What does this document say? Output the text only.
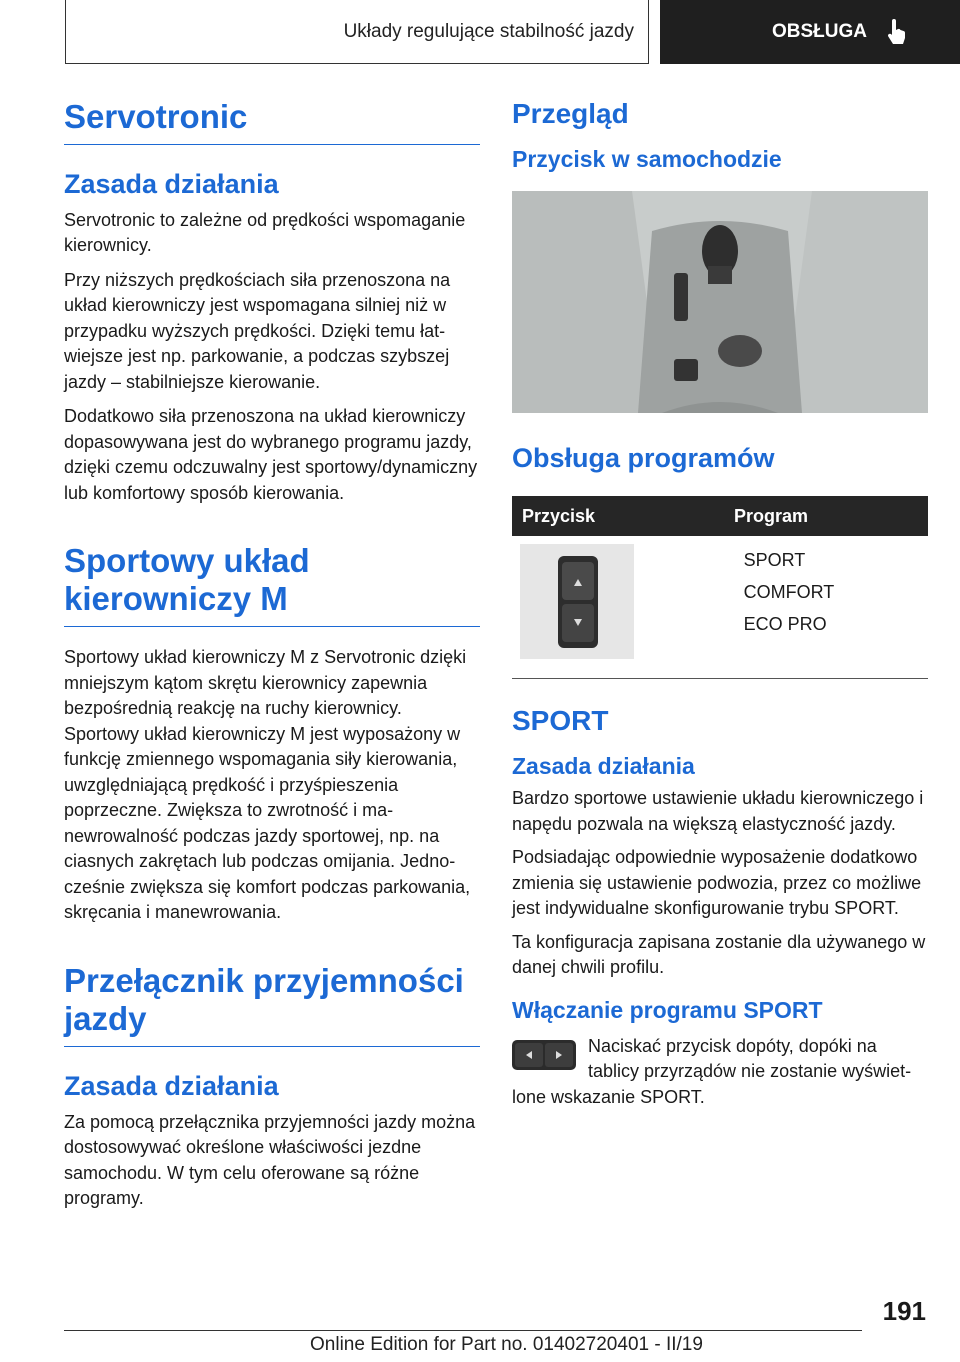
Układy regulujące stabilność jazdy	OBSŁUGA
Servotronic
Zasada działania

Servotronic to zależne od prędkości wspomaganie kierownicy.

Przy niższych prędkościach siła przenoszona na układ kierowniczy jest wspomagana silniej niż w przypadku wyższych prędkości. Dzięki temu łatwiejsze jest np. parkowanie, a podczas szybszej jazdy – stabilniejsze kierowanie.

Dodatkowo siła przenoszona na układ kierowniczy dopasowywana jest do wybranego programu jazdy, dzięki czemu odczuwalny jest sportowy/dynamiczny lub komfortowy sposób kierowania.

Sportowy układ kierowniczy M

Sportowy układ kierowniczy M z Servotronic dzięki mniejszym kątom skrętu kierownicy zapewnia bezpośrednią reakcję na ruchy kierownicy. Sportowy układ kierowniczy M jest wyposażony w funkcję zmiennego wspomagania siły kierowania, uwzględniającą prędkość i przyśpieszenia poprzeczne. Zwiększa to zwrotność i manewrowalność podczas jazdy sportowej, np. na ciasnych zakrętach lub podczas omijania. Jednocześnie zwiększa się komfort podczas parkowania, skręcania i manewrowania.

Przełącznik przyjemności jazdy
Zasada działania

Za pomocą przełącznika przyjemności jazdy można dostosowywać określone właściwości jezdne samochodu. W tym celu oferowane są różne programy.

Przegląd
Przycisk w samochodzie
Obsługa programów
Przycisk	Program

SPORT

COMFORT

ECO PRO

SPORT
Zasada działania

Bardzo sportowe ustawienie układu kierowniczego i napędu pozwala na większą elastyczność jazdy.

Podsiadając odpowiednie wyposażenie dodatkowo zmienia się ustawienie podwozia, przez co możliwe jest indywidualne skonfigurowanie trybu SPORT.

Ta konfiguracja zapisana zostanie dla używanego w danej chwili profilu.

Włączanie programu SPORT

Naciskać przycisk dopóty, dopóki na tablicy przyrządów nie zostanie wyświetlone wskazanie SPORT.

191
Online Edition for Part no. 01402720401 - II/19
